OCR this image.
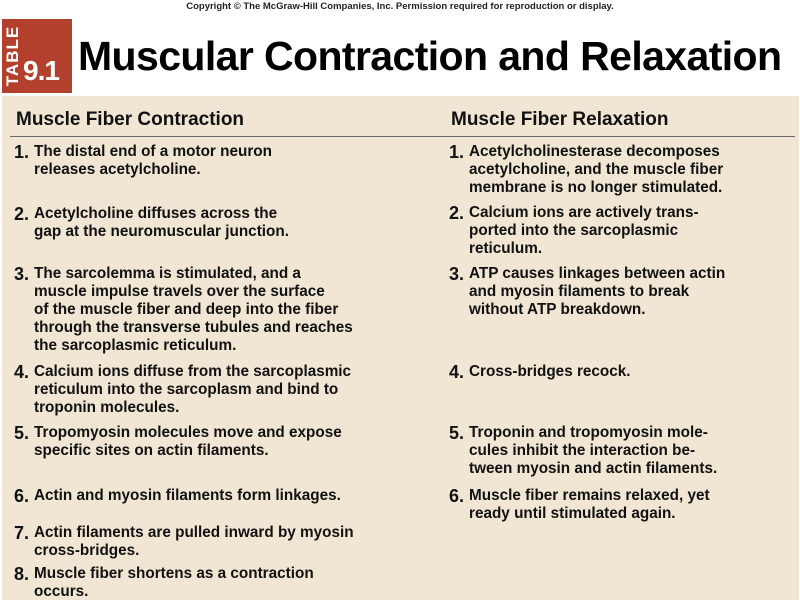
Copyright © The McGraw-Hill Companies, Inc. Permission required for reproduction or display.
TABLE 9.1 Muscular Contraction and Relaxation
Muscle Fiber Contraction	Muscle Fiber Relaxation
1. The distal end of a motor neuron
releases acetylcholine.
2. Acetylcholine diffuses across the
gap at the neuromuscular junction.
3. The sarcolemma is stimulated, and a
muscle impulse travels over the surface
of the muscle fiber and deep into the fiber
through the transverse tubules and reaches
the sarcoplasmic reticulum.
4. Calcium ions diffuse from the sarcoplasmic
reticulum into the sarcoplasm and bind to
troponin molecules.
5. Tropomyosin molecules move and expose
specific sites on actin filaments.
6. Actin and myosin filaments form linkages.
7. Actin filaments are pulled inward by myosin
cross-bridges.
8. Muscle fiber shortens as a contraction
occurs.
1. Acetylcholinesterase decomposes
acetylcholine, and the muscle fiber
membrane is no longer stimulated.
2. Calcium ions are actively trans-
ported into the sarcoplasmic
reticulum.
3. ATP causes linkages between actin
and myosin filaments to break
without ATP breakdown.
4. Cross-bridges recock.
5. Troponin and tropomyosin mole-
cules inhibit the interaction be-
tween myosin and actin filaments.
6. Muscle fiber remains relaxed, yet
ready until stimulated again.
